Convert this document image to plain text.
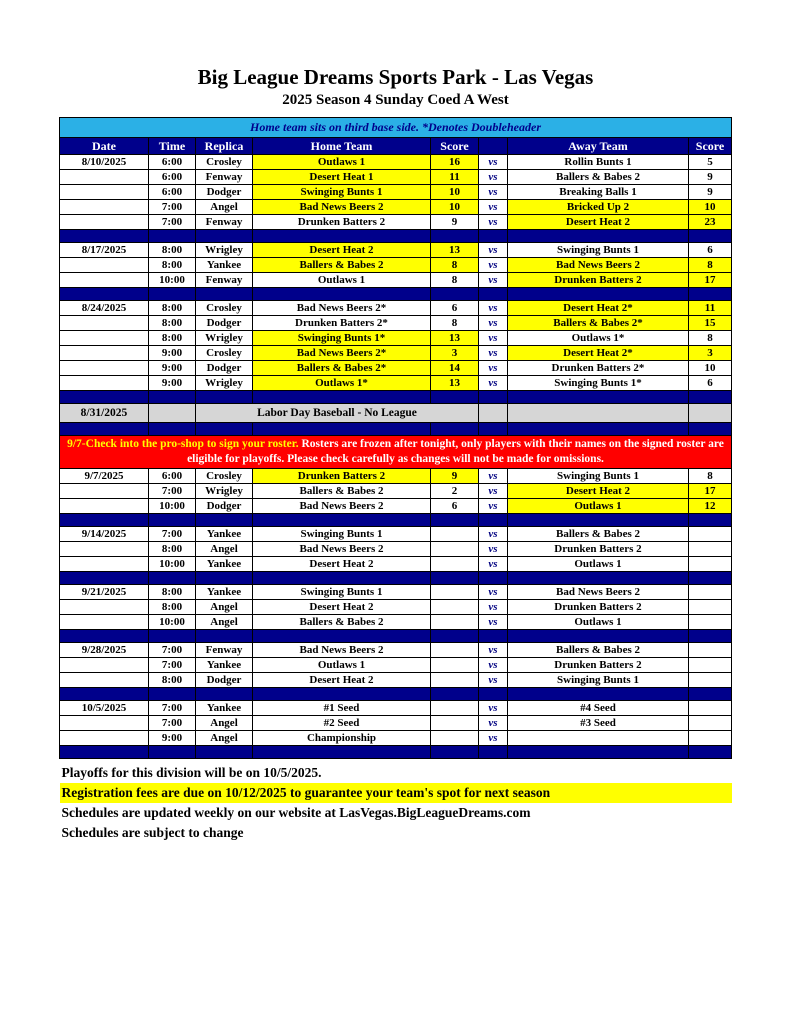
Big League Dreams Sports Park - Las Vegas
2025 Season 4 Sunday Coed A West
Home team sits on third base side. *Denotes Doubleheader							
Date	Time	Replica	Home Team	Score		Away Team	Score
8/10/2025	6:00	Crosley	Outlaws 1	16	vs	Rollin Bunts 1	5
	6:00	Fenway	Desert Heat 1	11	vs	Ballers & Babes 2	9
	6:00	Dodger	Swinging Bunts 1	10	vs	Breaking Balls 1	9
	7:00	Angel	Bad News Beers 2	10	vs	Bricked Up 2	10
	7:00	Fenway	Drunken Batters 2	9	vs	Desert Heat 2	23

8/17/2025	8:00	Wrigley	Desert Heat 2	13	vs	Swinging Bunts 1	6
	8:00	Yankee	Ballers & Babes 2	8	vs	Bad News Beers 2	8
	10:00	Fenway	Outlaws 1	8	vs	Drunken Batters 2	17

8/24/2025	8:00	Crosley	Bad News Beers 2*	6	vs	Desert Heat 2*	11
	8:00	Dodger	Drunken Batters 2*	8	vs	Ballers & Babes 2*	15
	8:00	Wrigley	Swinging Bunts 1*	13	vs	Outlaws 1*	8
	9:00	Crosley	Bad News Beers 2*	3	vs	Desert Heat 2*	3
	9:00	Dodger	Ballers & Babes 2*	14	vs	Drunken Batters 2*	10
	9:00	Wrigley	Outlaws 1*	13	vs	Swinging Bunts 1*	6

8/31/2025		Labor Day Baseball - No League					

9/7-Check into the pro-shop to sign your roster. Rosters are frozen after tonight, only players with their names on the signed roster are eligible for playoffs. Please check carefully as changes will not be made for omissions.							
9/7/2025	6:00	Crosley	Drunken Batters 2	9	vs	Swinging Bunts 1	8
	7:00	Wrigley	Ballers & Babes 2	2	vs	Desert Heat 2	17
	10:00	Dodger	Bad News Beers 2	6	vs	Outlaws 1	12

9/14/2025	7:00	Yankee	Swinging Bunts 1		vs	Ballers & Babes 2	
	8:00	Angel	Bad News Beers 2		vs	Drunken Batters 2	
	10:00	Yankee	Desert Heat 2		vs	Outlaws 1	

9/21/2025	8:00	Yankee	Swinging Bunts 1		vs	Bad News Beers 2	
	8:00	Angel	Desert Heat 2		vs	Drunken Batters 2	
	10:00	Angel	Ballers & Babes 2		vs	Outlaws 1	

9/28/2025	7:00	Fenway	Bad News Beers 2		vs	Ballers & Babes 2	
	7:00	Yankee	Outlaws 1		vs	Drunken Batters 2	
	8:00	Dodger	Desert Heat 2		vs	Swinging Bunts 1	

10/5/2025	7:00	Yankee	#1 Seed		vs	#4 Seed	
	7:00	Angel	#2 Seed		vs	#3 Seed	
	9:00	Angel	Championship		vs		

Playoffs for this division will be on 10/5/2025.
Registration fees are due on 10/12/2025 to guarantee your team's spot for next season
Schedules are updated weekly on our website at LasVegas.BigLeagueDreams.com
Schedules are subject to change
